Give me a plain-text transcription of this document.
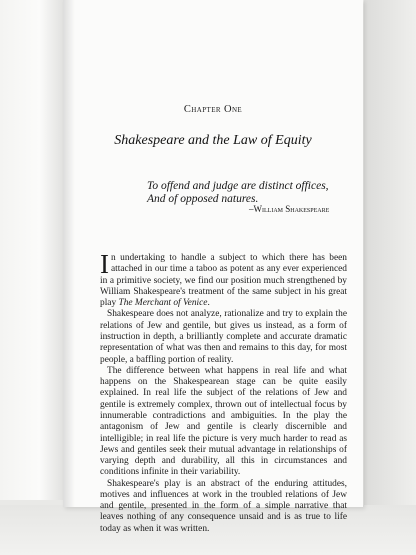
Chapter One
Shakespeare and the Law of Equity
To offend and judge are distinct offices,
And of opposed natures.
–William Shakespeare

In undertaking to handle a subject to which there has been attached in our time a taboo as potent as any ever experienced in a primitive society, we find our position much strengthened by William Shakespeare's treatment of the same subject in his great play The Merchant of Venice.

Shakespeare does not analyze, rationalize and try to explain the relations of Jew and gentile, but gives us instead, as a form of instruction in depth, a brilliantly complete and accurate dramatic representation of what was then and remains to this day, for most people, a baffling portion of reality.

The difference between what happens in real life and what happens on the Shakespearean stage can be quite easily explained. In real life the subject of the relations of Jew and gentile is extremely complex, thrown out of intellectual focus by innumerable contradictions and ambiguities. In the play the antagonism of Jew and gentile is clearly discernible and intelligible; in real life the picture is very much harder to read as Jews and gentiles seek their mutual advantage in relationships of varying depth and durability, all this in circumstances and conditions infinite in their variability.

Shakespeare's play is an abstract of the enduring attitudes, motives and influences at work in the troubled relations of Jew and gentile, presented in the form of a simple narrative that leaves nothing of any consequence unsaid and is as true to life today as when it was written.
